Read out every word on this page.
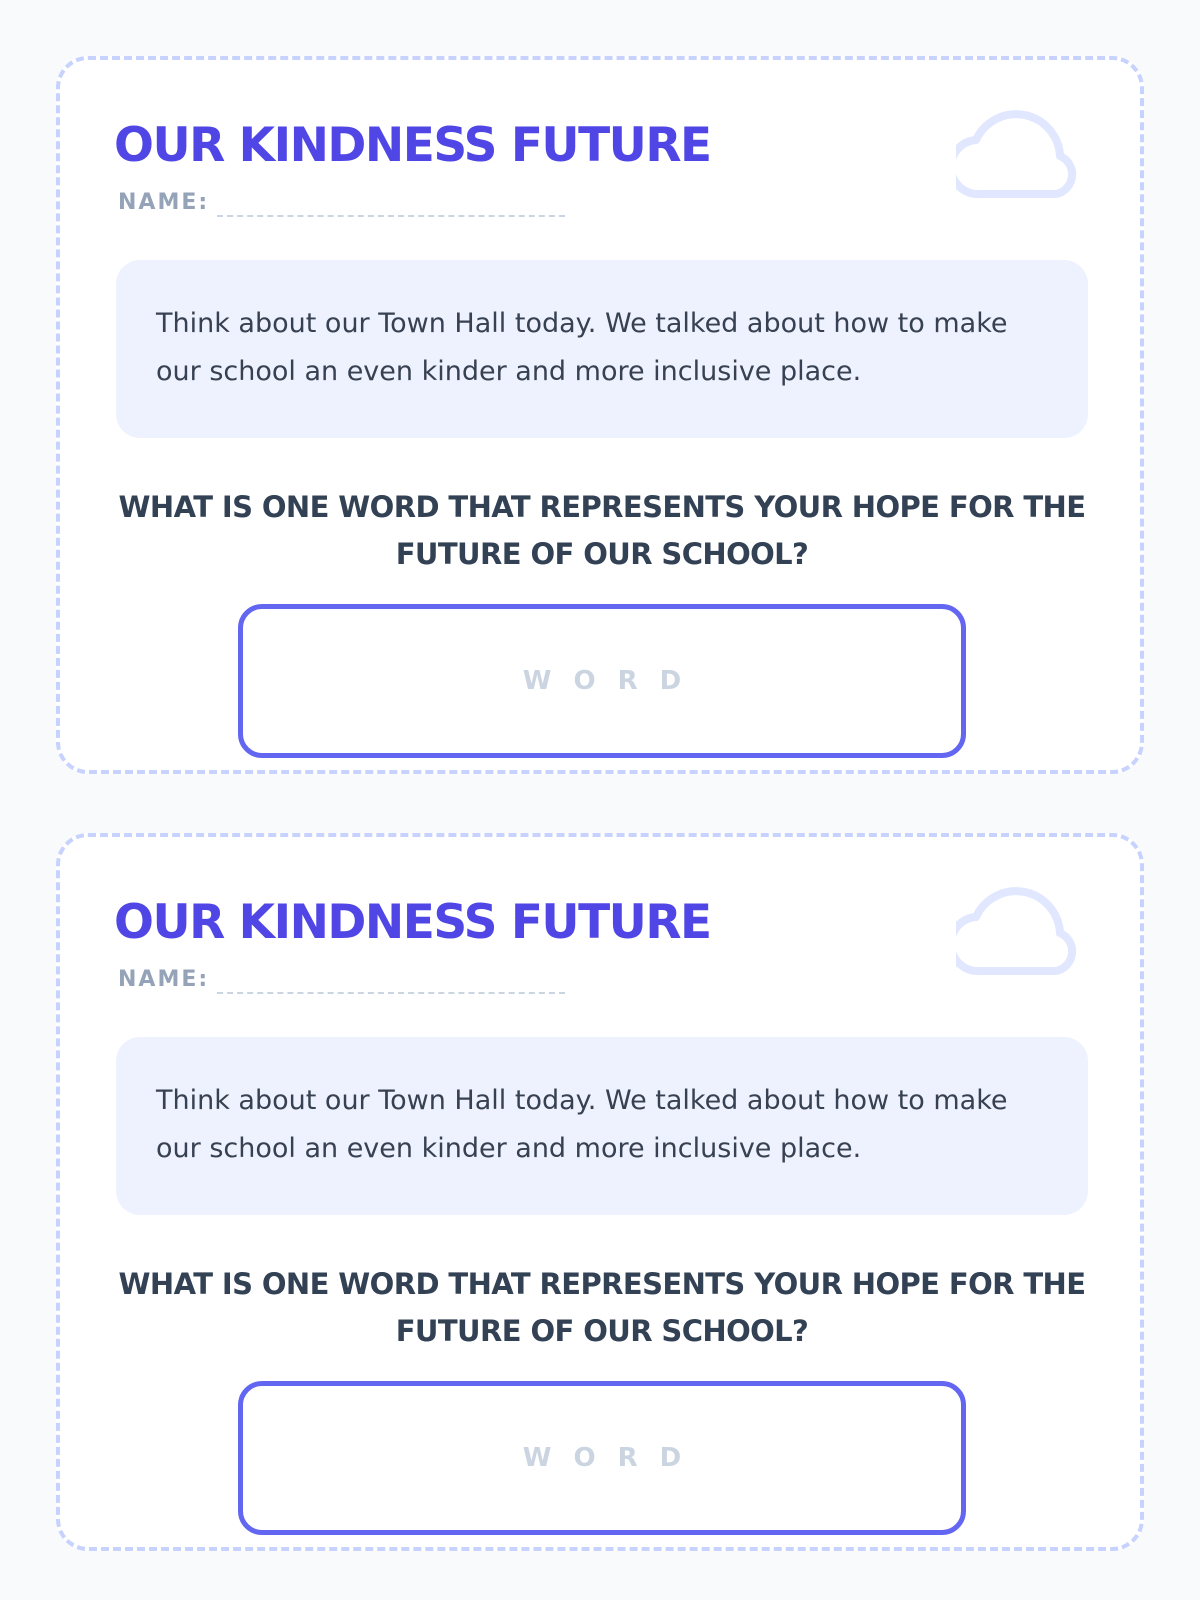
OUR KINDNESS FUTURE
NAME:
Think about our Town Hall today. We talked about how to make our school an even kinder and more inclusive place.

WHAT IS ONE WORD THAT REPRESENTS YOUR HOPE FOR THE FUTURE OF OUR SCHOOL?

WORD
OUR KINDNESS FUTURE
NAME:
Think about our Town Hall today. We talked about how to make our school an even kinder and more inclusive place.

WHAT IS ONE WORD THAT REPRESENTS YOUR HOPE FOR THE FUTURE OF OUR SCHOOL?

WORD
